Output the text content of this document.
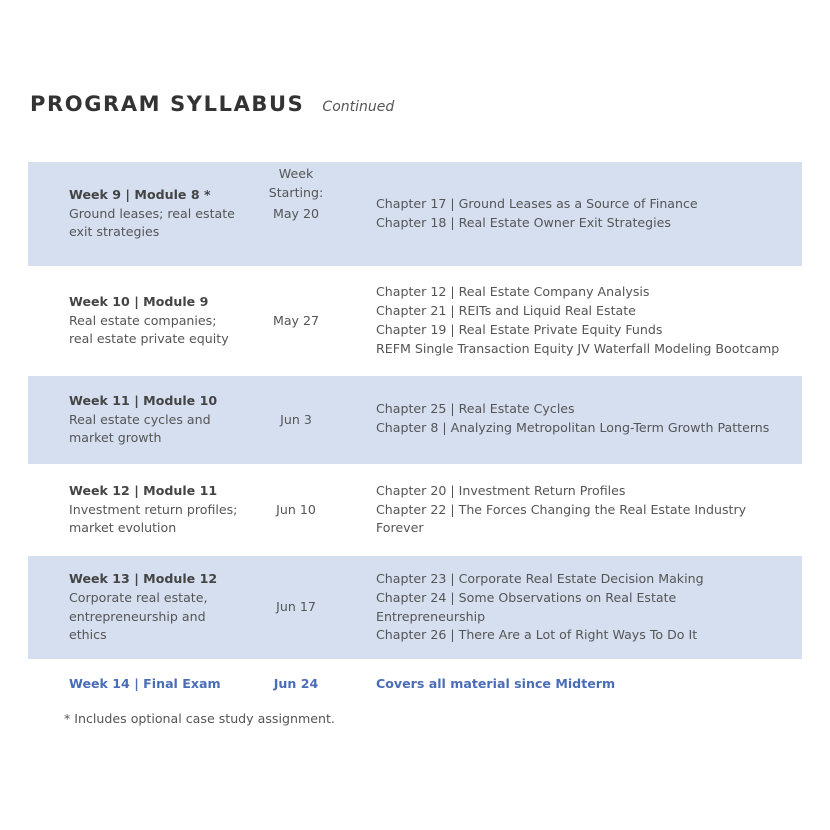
PROGRAM SYLLABUS Continued
Week 9 | Module 8 *
Ground leases; real estate
exit strategies
Week
Starting:
May 20
Chapter 17 | Ground Leases as a Source of Finance
Chapter 18 | Real Estate Owner Exit Strategies
Week 10 | Module 9
Real estate companies;
real estate private equity
May 27
Chapter 12 | Real Estate Company Analysis
Chapter 21 | REITs and Liquid Real Estate
Chapter 19 | Real Estate Private Equity Funds
REFM Single Transaction Equity JV Waterfall Modeling Bootcamp
Week 11 | Module 10
Real estate cycles and
market growth
Jun 3
Chapter 25 | Real Estate Cycles
Chapter 8 | Analyzing Metropolitan Long-Term Growth Patterns
Week 12 | Module 11
Investment return profiles;
market evolution
Jun 10
Chapter 20 | Investment Return Profiles
Chapter 22 | The Forces Changing the Real Estate Industry
Forever
Week 13 | Module 12
Corporate real estate,
entrepreneurship and
ethics
Jun 17
Chapter 23 | Corporate Real Estate Decision Making
Chapter 24 | Some Observations on Real Estate
Entrepreneurship
Chapter 26 | There Are a Lot of Right Ways To Do It
Week 14 | Final Exam	Jun 24	Covers all material since Midterm
* Includes optional case study assignment.
